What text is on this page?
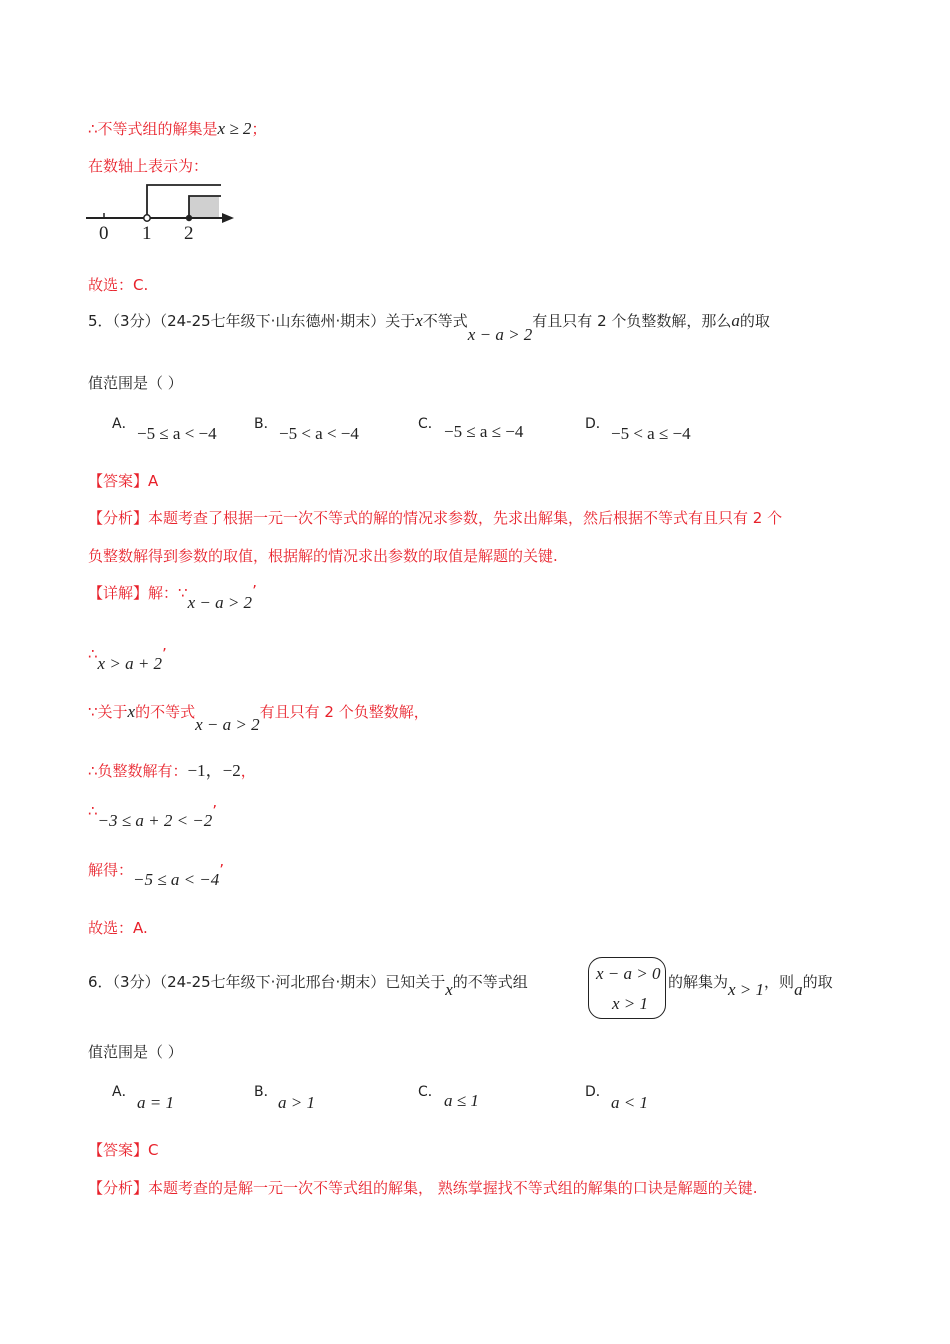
∴不等式组的解集是x ≥ 2；
在数轴上表示为：
0 1 2
故选：C.
5．（3分）（24-25七年级下·山东德州·期末）关于x不等式x − a > 2有且只有 2 个负整数解，那么a的取
值范围是（ ）
A． −5 ≤ a < −4	B． −5 < a < −4	C． −5 ≤ a ≤ −4	D． −5 < a ≤ −4
【答案】A
【分析】本题考查了根据一元一次不等式的解的情况求参数，先求出解集，然后根据不等式有且只有 2 个
负整数解得到参数的取值，根据解的情况求出参数的取值是解题的关键.
【详解】解：∵x − a > 2’
∴x > a + 2’
∵关于x的不等式x − a > 2有且只有 2 个负整数解，
∴负整数解有：−1，−2，
∴−3 ≤ a + 2 < −2’
解得：−5 ≤ a < −4’
故选：A.
6．（3分）（24-25七年级下·河北邢台·期末）已知关于x的不等式组	x − a > 0
x > 1
的解集为x > 1，则a的取
值范围是（ ）
A．
a = 1
B．
a > 1
C． a ≤ 1	D．
a < 1
【答案】C
【分析】本题考查的是解一元一次不等式组的解集， 熟练掌握找不等式组的解集的口诀是解题的关键.
